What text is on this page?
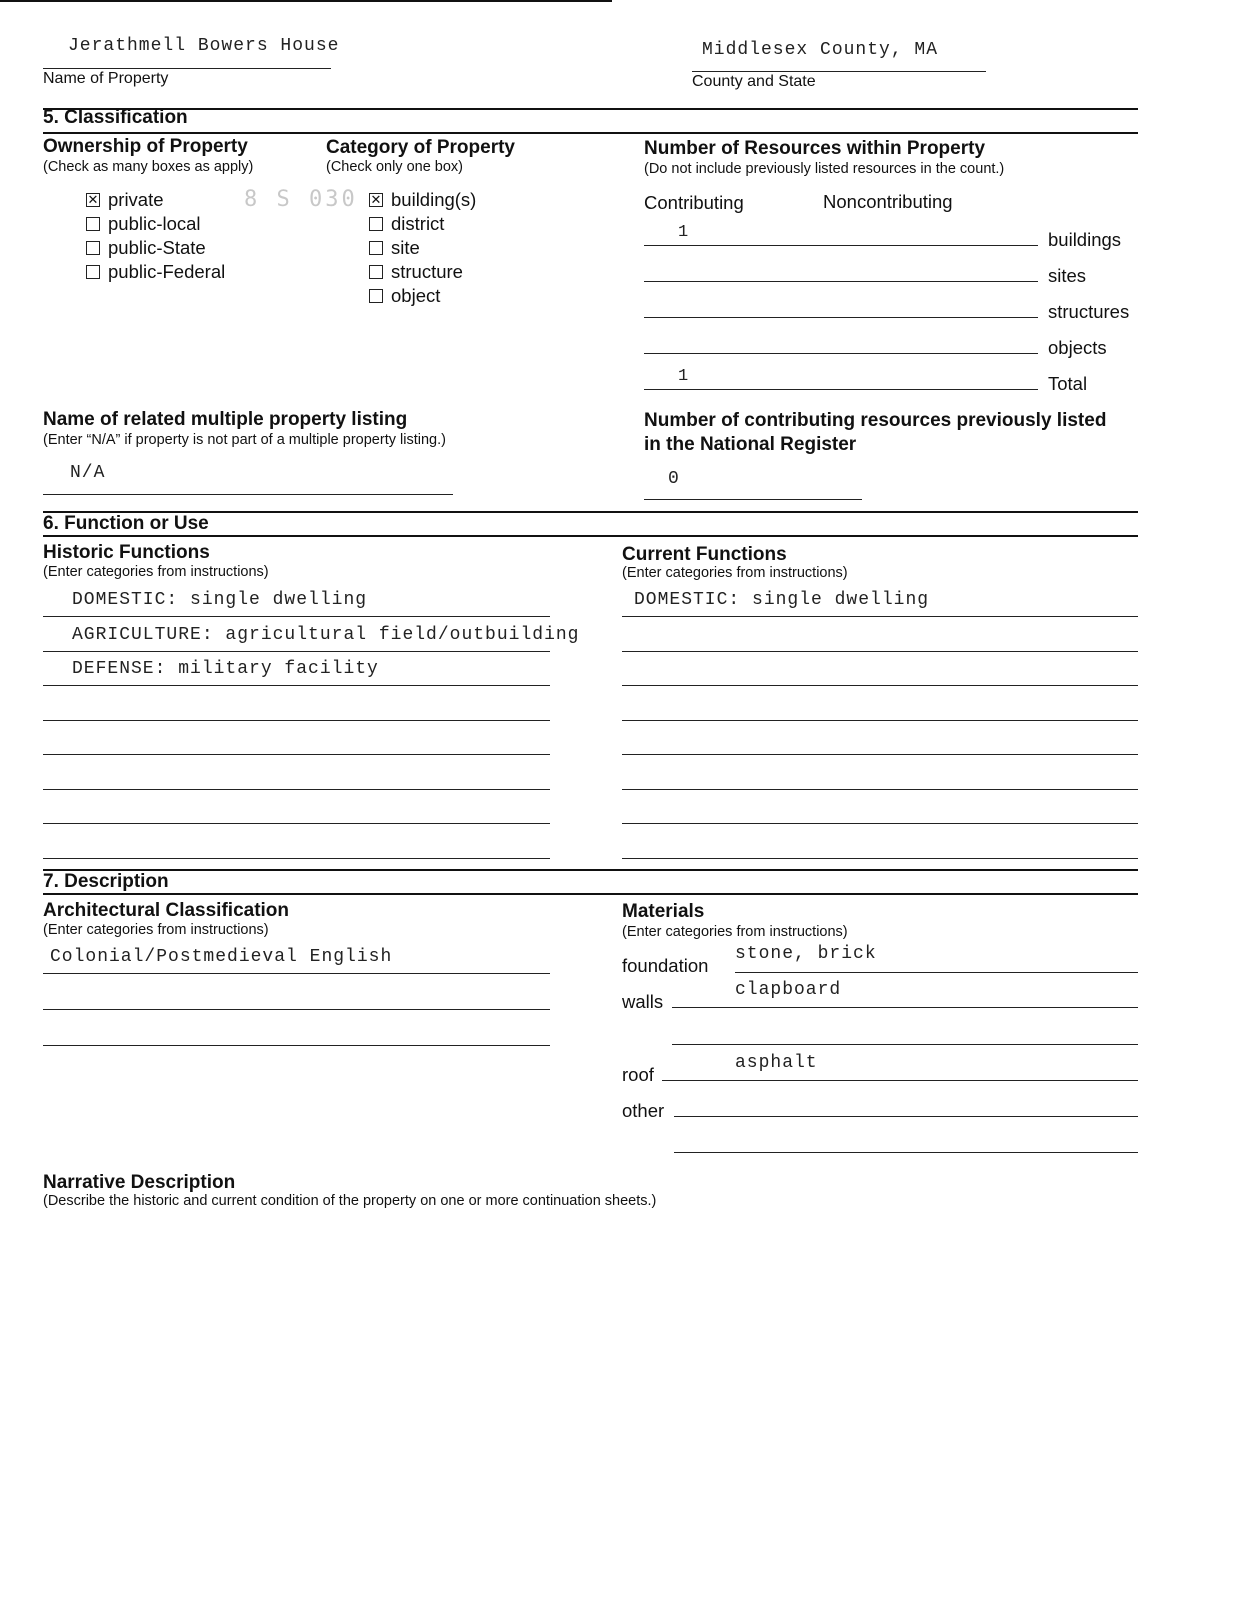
Jerathmell Bowers House
Name of Property
Middlesex County, MA
County and State
5. Classification
Ownership of Property
(Check as many boxes as apply)
✕ private
public-local
public-State
public-Federal
8 S 030
Category of Property
(Check only one box)
✕ building(s)
district
site
structure
object
Number of Resources within Property
(Do not include previously listed resources in the count.)
Contributing	Noncontributing
1	buildings
sites
structures
objects
1	Total
Name of related multiple property listing
(Enter “N/A” if property is not part of a multiple property listing.)
N/A
Number of contributing resources previously listed
in the National Register
0
6. Function or Use
Historic Functions
(Enter categories from instructions)
DOMESTIC: single dwelling
AGRICULTURE: agricultural field/outbuilding
DEFENSE: military facility
Current Functions
(Enter categories from instructions)
DOMESTIC: single dwelling
7. Description
Architectural Classification
(Enter categories from instructions)
Colonial/Postmedieval English
Materials
(Enter categories from instructions)
foundation
stone, brick
walls
clapboard
roof
asphalt
other
Narrative Description
(Describe the historic and current condition of the property on one or more continuation sheets.)
